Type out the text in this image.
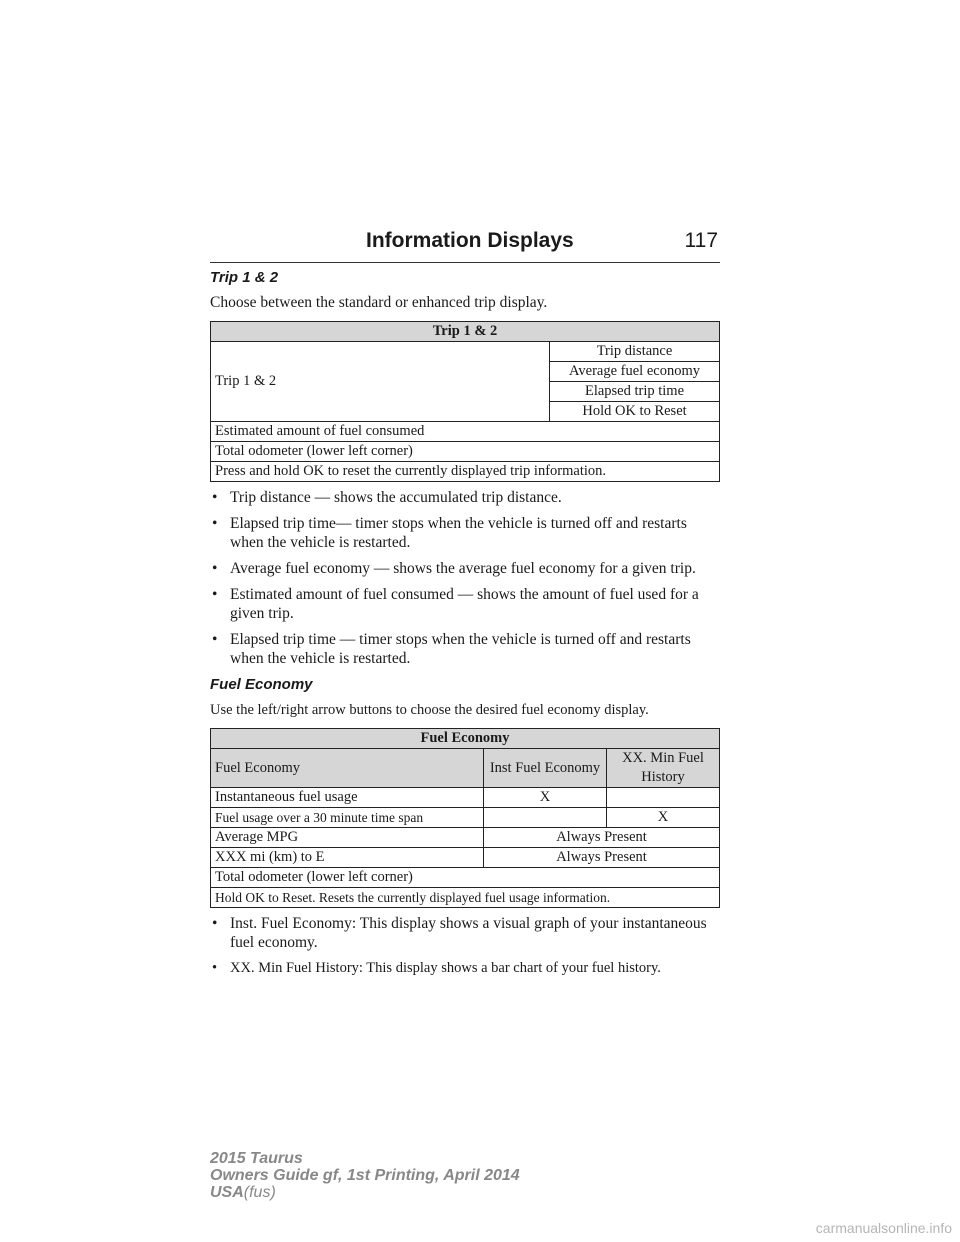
Information Displays	117
Trip 1 & 2

Choose between the standard or enhanced trip display.

Trip 1 & 2
Trip 1 & 2	Trip distance
Average fuel economy
Elapsed trip time
Hold OK to Reset
Estimated amount of fuel consumed
Total odometer (lower left corner)
Press and hold OK to reset the currently displayed trip information.
• Trip distance — shows the accumulated trip distance.
• Elapsed trip time— timer stops when the vehicle is turned off and restarts when the vehicle is restarted.
• Average fuel economy — shows the average fuel economy for a given trip.
• Estimated amount of fuel consumed — shows the amount of fuel used for a given trip.
• Elapsed trip time — timer stops when the vehicle is turned off and restarts when the vehicle is restarted.
Fuel Economy

Use the left/right arrow buttons to choose the desired fuel economy display.

Fuel Economy		
Fuel Economy	Inst Fuel Economy	XX. Min Fuel History
Instantaneous fuel usage	X	
Fuel usage over a 30 minute time span		X
Average MPG	Always Present	
XXX mi (km) to E	Always Present	
Total odometer (lower left corner)		
Hold OK to Reset. Resets the currently displayed fuel usage information.		
• Inst. Fuel Economy: This display shows a visual graph of your instantaneous fuel economy.
• XX. Min Fuel History: This display shows a bar chart of your fuel history.
2015 Taurus
Owners Guide gf, 1st Printing, April 2014
USA(fus)
carmanualsonline.info
